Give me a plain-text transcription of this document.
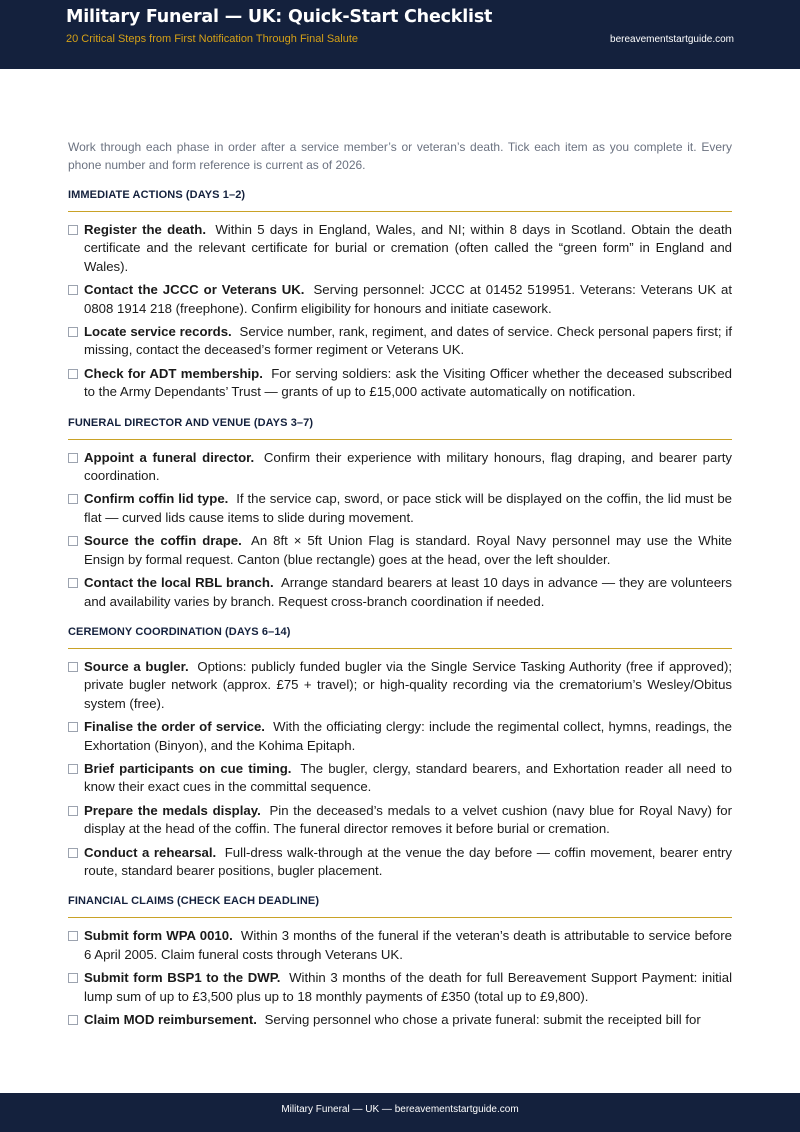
Military Funeral — UK: Quick-Start Checklist
20 Critical Steps from First Notification Through Final Salute	bereavementstartguide.com

Work through each phase in order after a service member’s or veteran’s death. Tick each item as you complete it. Every phone number and form reference is current as of 2026.

IMMEDIATE ACTIONS (DAYS 1–2)
Register the death. Within 5 days in England, Wales, and NI; within 8 days in Scotland. Obtain the death certificate and the relevant certificate for burial or cremation (often called the “green form” in England and Wales).
Contact the JCCC or Veterans UK. Serving personnel: JCCC at 01452 519951. Veterans: Veterans UK at 0808 1914 218 (freephone). Confirm eligibility for honours and initiate casework.
Locate service records. Service number, rank, regiment, and dates of service. Check personal papers first; if missing, contact the deceased’s former regiment or Veterans UK.
Check for ADT membership. For serving soldiers: ask the Visiting Officer whether the deceased subscribed to the Army Dependants’ Trust — grants of up to £15,000 activate automatically on notification.
FUNERAL DIRECTOR AND VENUE (DAYS 3–7)
Appoint a funeral director. Confirm their experience with military honours, flag draping, and bearer party coordination.
Confirm coffin lid type. If the service cap, sword, or pace stick will be displayed on the coffin, the lid must be flat — curved lids cause items to slide during movement.
Source the coffin drape. An 8ft × 5ft Union Flag is standard. Royal Navy personnel may use the White Ensign by formal request. Canton (blue rectangle) goes at the head, over the left shoulder.
Contact the local RBL branch. Arrange standard bearers at least 10 days in advance — they are volunteers and availability varies by branch. Request cross-branch coordination if needed.
CEREMONY COORDINATION (DAYS 6–14)
Source a bugler. Options: publicly funded bugler via the Single Service Tasking Authority (free if approved); private bugler network (approx. £75 + travel); or high-quality recording via the crematorium’s Wesley/Obitus system (free).
Finalise the order of service. With the officiating clergy: include the regimental collect, hymns, readings, the Exhortation (Binyon), and the Kohima Epitaph.
Brief participants on cue timing. The bugler, clergy, standard bearers, and Exhortation reader all need to know their exact cues in the committal sequence.
Prepare the medals display. Pin the deceased’s medals to a velvet cushion (navy blue for Royal Navy) for display at the head of the coffin. The funeral director removes it before burial or cremation.
Conduct a rehearsal. Full-dress walk-through at the venue the day before — coffin movement, bearer entry route, standard bearer positions, bugler placement.
FINANCIAL CLAIMS (CHECK EACH DEADLINE)
Submit form WPA 0010. Within 3 months of the funeral if the veteran’s death is attributable to service before 6 April 2005. Claim funeral costs through Veterans UK.
Submit form BSP1 to the DWP. Within 3 months of the death for full Bereavement Support Payment: initial lump sum of up to £3,500 plus up to 18 monthly payments of £350 (total up to £9,800).
Claim MOD reimbursement. Serving personnel who chose a private funeral: submit the receipted bill for
Military Funeral — UK — bereavementstartguide.com
